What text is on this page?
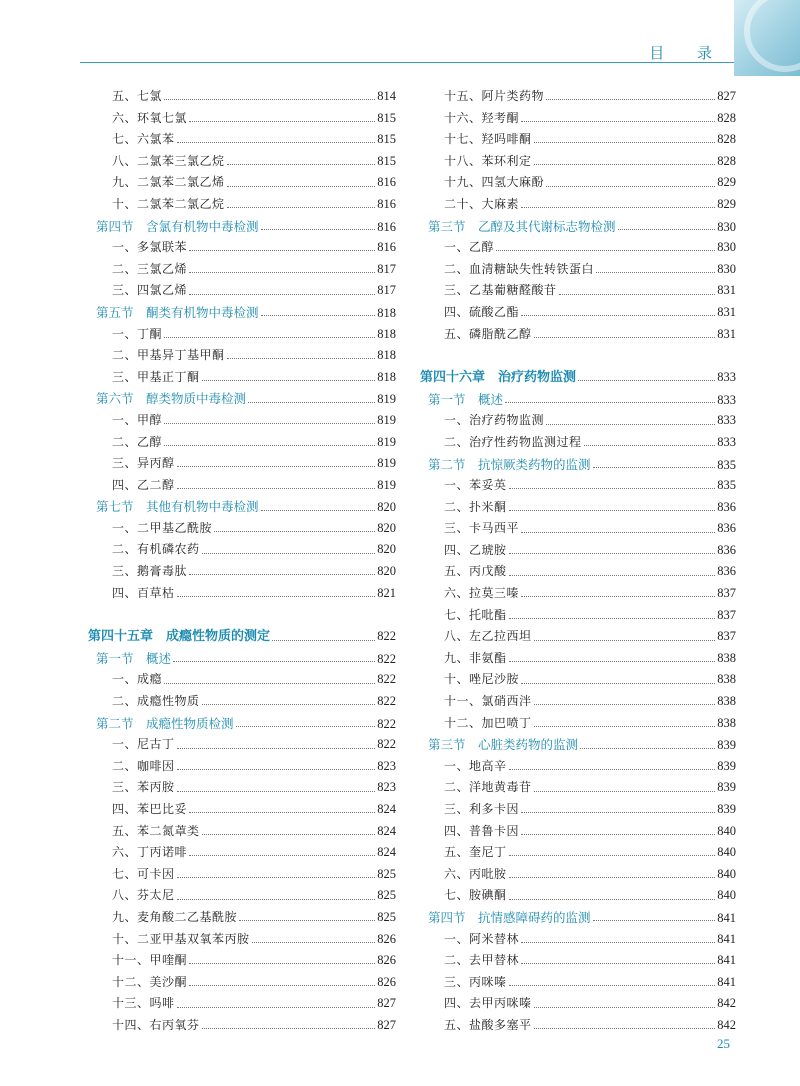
目 录
五、七氯	814
六、环氧七氯	815
七、六氯苯	815
八、二氯苯三氯乙烷	815
九、二氯苯二氯乙烯	816
十、二氯苯二氯乙烷	816
第四节　含氯有机物中毒检测	816
一、多氯联苯	816
二、三氯乙烯	817
三、四氯乙烯	817
第五节　酮类有机物中毒检测	818
一、丁酮	818
二、甲基异丁基甲酮	818
三、甲基正丁酮	818
第六节　醇类物质中毒检测	819
一、甲醇	819
二、乙醇	819
三、异丙醇	819
四、乙二醇	819
第七节　其他有机物中毒检测	820
一、二甲基乙酰胺	820
二、有机磷农药	820
三、鹅膏毒肽	820
四、百草枯	821
第四十五章　成瘾性物质的测定	822
第一节　概述	822
一、成瘾	822
二、成瘾性物质	822
第二节　成瘾性物质检测	822
一、尼古丁	822
二、咖啡因	823
三、苯丙胺	823
四、苯巴比妥	824
五、苯二氮䓬类	824
六、丁丙诺啡	824
七、可卡因	825
八、芬太尼	825
九、麦角酸二乙基酰胺	825
十、二亚甲基双氧苯丙胺	826
十一、甲喹酮	826
十二、美沙酮	826
十三、吗啡	827
十四、右丙氧芬	827
十五、阿片类药物	827
十六、羟考酮	828
十七、羟吗啡酮	828
十八、苯环利定	828
十九、四氢大麻酚	829
二十、大麻素	829
第三节　乙醇及其代谢标志物检测	830
一、乙醇	830
二、血清糖缺失性转铁蛋白	830
三、乙基葡糖醛酸苷	831
四、硫酸乙酯	831
五、磷脂酰乙醇	831
第四十六章　治疗药物监测	833
第一节　概述	833
一、治疗药物监测	833
二、治疗性药物监测过程	833
第二节　抗惊厥类药物的监测	835
一、苯妥英	835
二、扑米酮	836
三、卡马西平	836
四、乙琥胺	836
五、丙戊酸	836
六、拉莫三嗪	837
七、托吡酯	837
八、左乙拉西坦	837
九、非氨酯	838
十、唑尼沙胺	838
十一、氯硝西泮	838
十二、加巴喷丁	838
第三节　心脏类药物的监测	839
一、地高辛	839
二、洋地黄毒苷	839
三、利多卡因	839
四、普鲁卡因	840
五、奎尼丁	840
六、丙吡胺	840
七、胺碘酮	840
第四节　抗情感障碍药的监测	841
一、阿米替林	841
二、去甲替林	841
三、丙咪嗪	841
四、去甲丙咪嗪	842
五、盐酸多塞平	842
25
